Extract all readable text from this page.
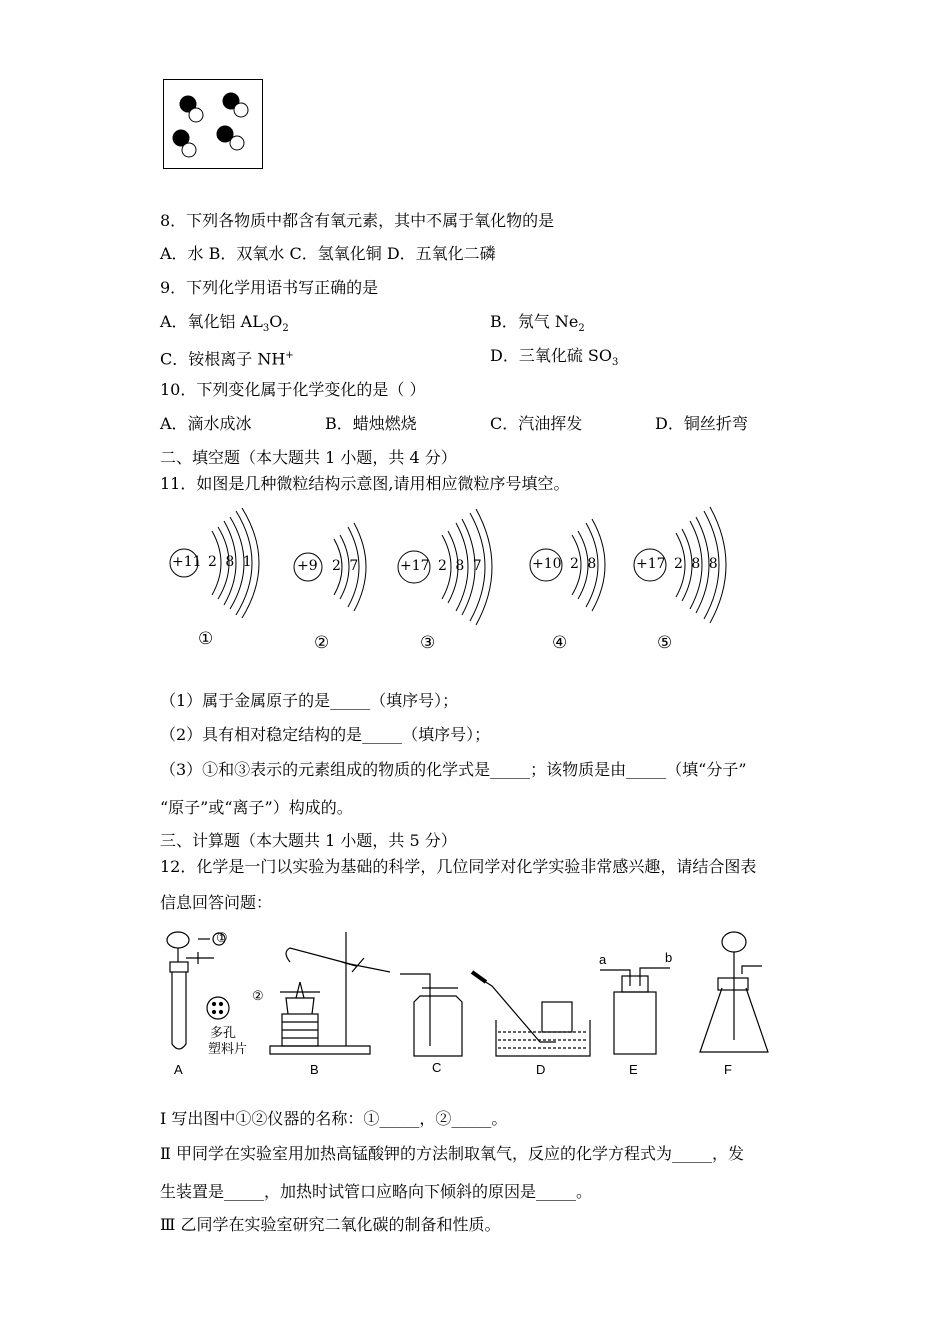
8．下列各物质中都含有氧元素，其中不属于氧化物的是
A．水 B．双氧水 C．氢氧化铜 D．五氧化二磷
9．下列化学用语书写正确的是
A．氧化铝 $AL_3O_2$	B．氖气 $Ne_2$
C．铵根离子 NH+	D．三氧化硫 $SO_3$
10．下列变化属于化学变化的是（ ）
A．滴水成冰	B．蜡烛燃烧	C．汽油挥发	D．铜丝折弯
二、填空题（本大题共 1 小题，共 4 分）
11．如图是几种微粒结构示意图,请用相应微粒序号填空。
+11 2 8 1	+9 2 7	+17 2 8 7	+10 2 8	+17 2 8 8
①	②	③	④	⑤
（1）属于金属原子的是_____（填序号）；
（2）具有相对稳定结构的是_____（填序号）；
（3）①和③表示的元素组成的物质的化学式是_____；该物质是由_____（填“分子”
“原子”或“离子”）构成的。
三、计算题（本大题共 1 小题，共 5 分）
12．化学是一门以实验为基础的科学，几位同学对化学实验非常感兴趣，请结合图表
信息回答问题：
①
②
多孔
塑料片
a	b
A	B	C	D	E	F
Ⅰ 写出图中①②仪器的名称：①_____，②_____。
Ⅱ 甲同学在实验室用加热高锰酸钾的方法制取氧气，反应的化学方程式为_____，发
生装置是_____，加热时试管口应略向下倾斜的原因是_____。
Ⅲ 乙同学在实验室研究二氧化碳的制备和性质。
